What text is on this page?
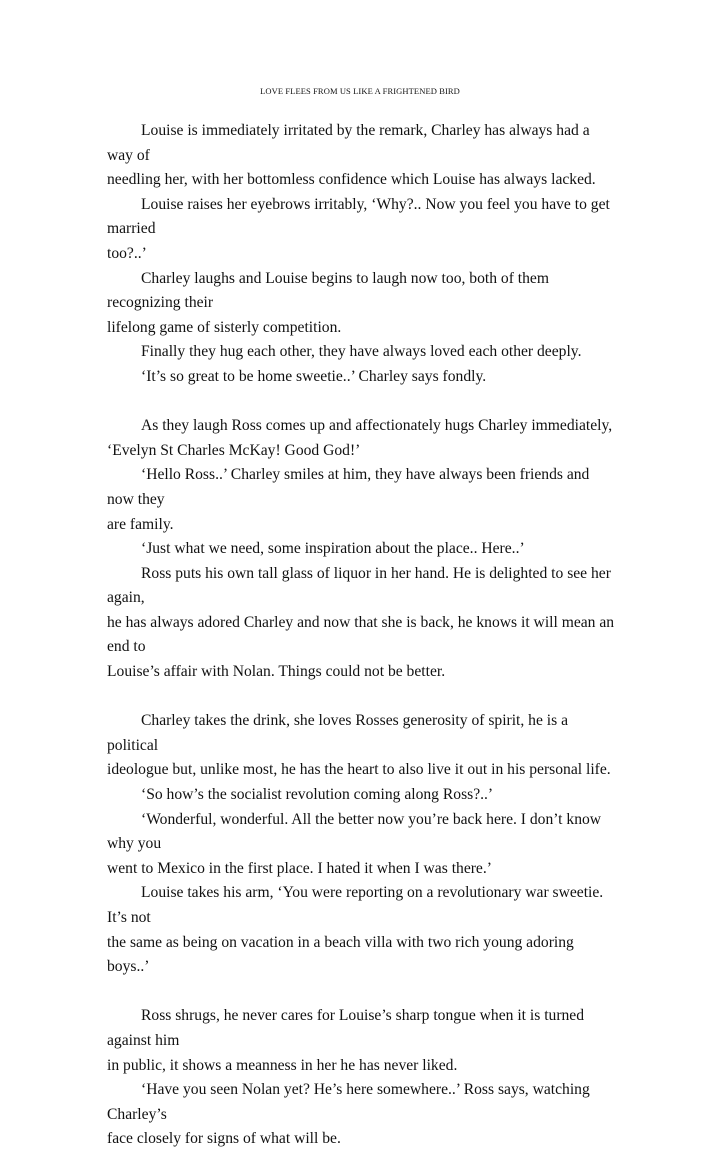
LOVE FLEES FROM US LIKE A FRIGHTENED BIRD

Louise is immediately irritated by the remark, Charley has always had a way of
needling her, with her bottomless confidence which Louise has always lacked.

Louise raises her eyebrows irritably, ‘Why?.. Now you feel you have to get married
too?..’

Charley laughs and Louise begins to laugh now too, both of them recognizing their
lifelong game of sisterly competition.

Finally they hug each other, they have always loved each other deeply.

‘It’s so great to be home sweetie..’ Charley says fondly.

As they laugh Ross comes up and affectionately hugs Charley immediately,
‘Evelyn St Charles McKay! Good God!’

‘Hello Ross..’ Charley smiles at him, they have always been friends and now they
are family.

‘Just what we need, some inspiration about the place.. Here..’

Ross puts his own tall glass of liquor in her hand. He is delighted to see her again,
he has always adored Charley and now that she is back, he knows it will mean an end to
Louise’s affair with Nolan. Things could not be better.

Charley takes the drink, she loves Rosses generosity of spirit, he is a political
ideologue but, unlike most, he has the heart to also live it out in his personal life.

‘So how’s the socialist revolution coming along Ross?..’

‘Wonderful, wonderful. All the better now you’re back here. I don’t know why you
went to Mexico in the first place. I hated it when I was there.’

Louise takes his arm, ‘You were reporting on a revolutionary war sweetie. It’s not
the same as being on vacation in a beach villa with two rich young adoring boys..’

Ross shrugs, he never cares for Louise’s sharp tongue when it is turned against him
in public, it shows a meanness in her he has never liked.

‘Have you seen Nolan yet? He’s here somewhere..’ Ross says, watching Charley’s
face closely for signs of what will be.
